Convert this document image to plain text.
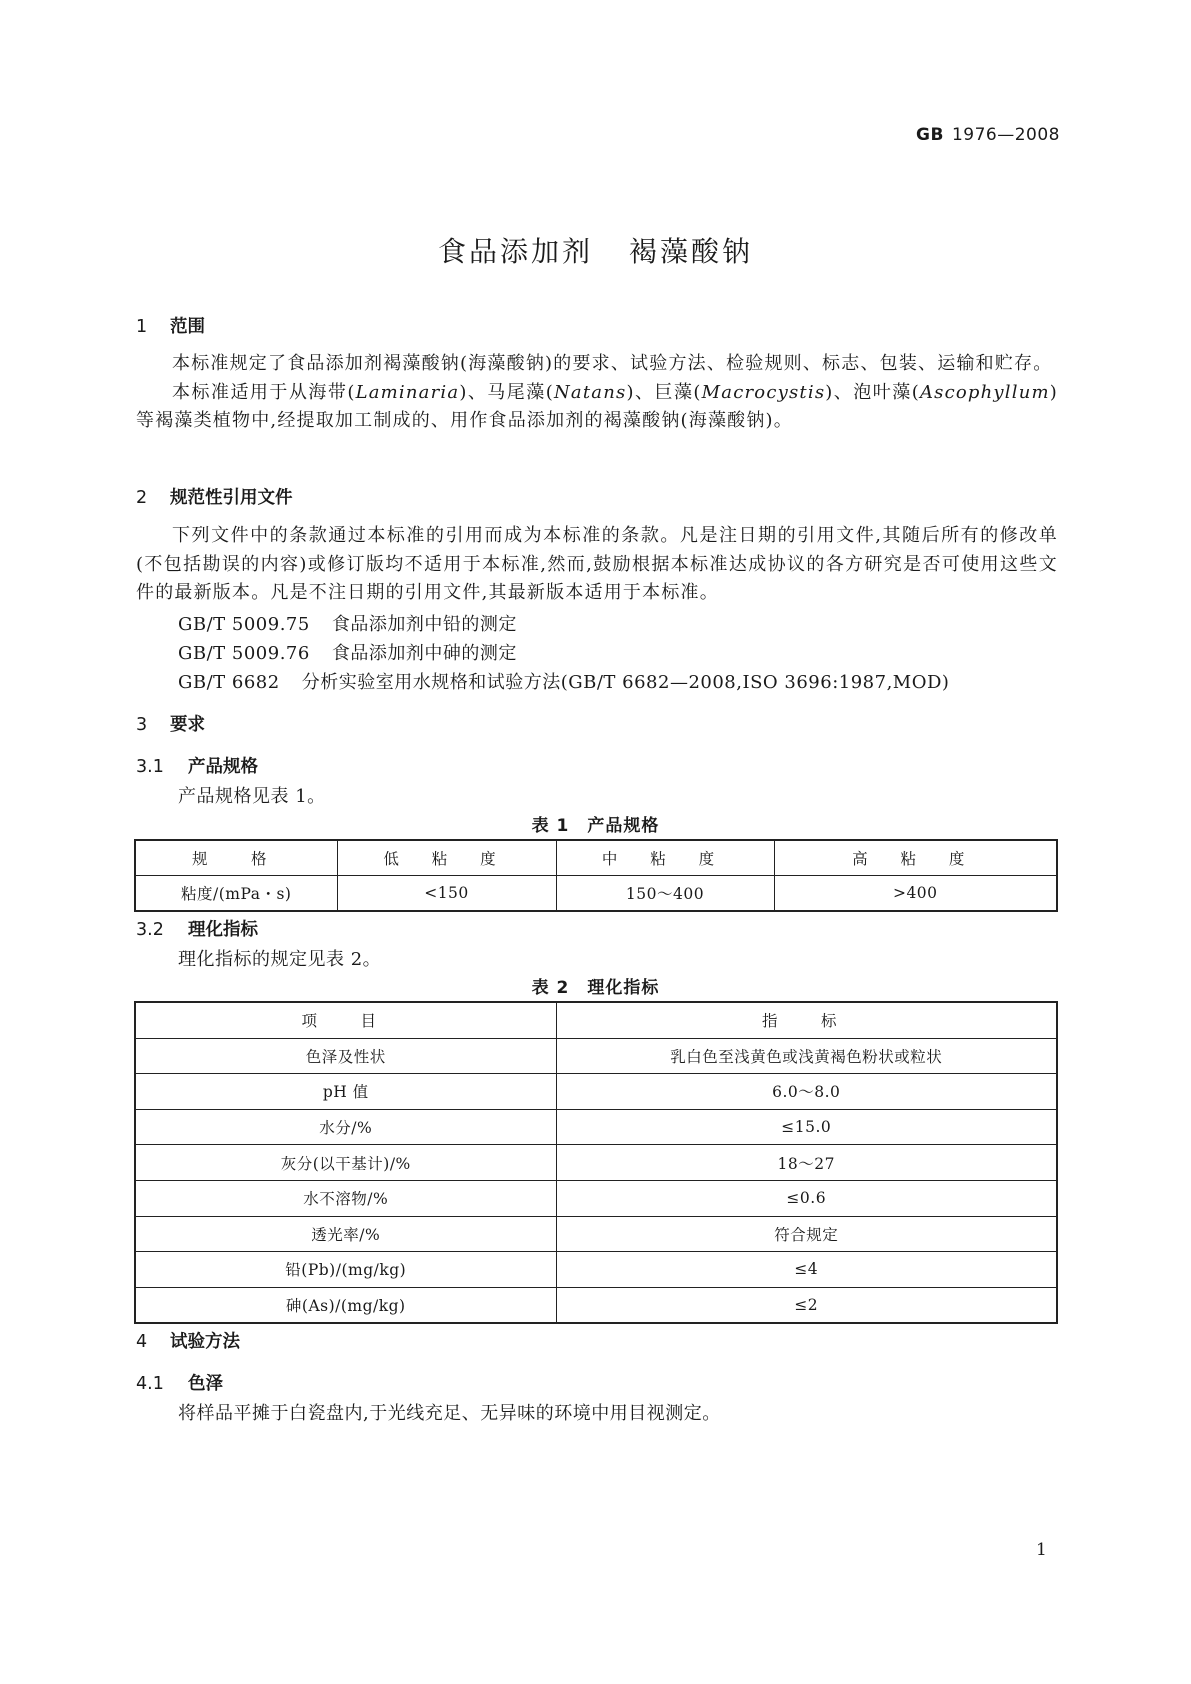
GB 1976—2008
食品添加剂 褐藻酸钠
1 范围

本标准规定了食品添加剂褐藻酸钠(海藻酸钠)的要求、试验方法、检验规则、标志、包装、运输和贮存。

本标准适用于从海带(Laminaria)、马尾藻(Natans)、巨藻(Macrocystis)、泡叶藻(Ascophyllum)等褐藻类植物中,经提取加工制成的、用作食品添加剂的褐藻酸钠(海藻酸钠)。

2 规范性引用文件

下列文件中的条款通过本标准的引用而成为本标准的条款。凡是注日期的引用文件,其随后所有的修改单(不包括勘误的内容)或修订版均不适用于本标准,然而,鼓励根据本标准达成协议的各方研究是否可使用这些文件的最新版本。凡是不注日期的引用文件,其最新版本适用于本标准。

GB/T 5009.75 食品添加剂中铅的测定
GB/T 5009.76 食品添加剂中砷的测定
GB/T 6682 分析实验室用水规格和试验方法(GB/T 6682—2008,ISO 3696:1987,MOD)
3 要求
3.1 产品规格
产品规格见表 1。
表 1　产品规格
规　格	低 粘 度	中 粘 度	高 粘 度
粘度/(mPa・s)	<150	150～400	>400
3.2 理化指标
理化指标的规定见表 2。
表 2　理化指标
项　目	指　标
色泽及性状	乳白色至浅黄色或浅黄褐色粉状或粒状
pH 值	6.0～8.0
水分/%	≤15.0
灰分(以干基计)/%	18～27
水不溶物/%	≤0.6
透光率/%	符合规定
铅(Pb)/(mg/kg)	≤4
砷(As)/(mg/kg)	≤2
4 试验方法
4.1 色泽
将样品平摊于白瓷盘内,于光线充足、无异味的环境中用目视测定。
1
